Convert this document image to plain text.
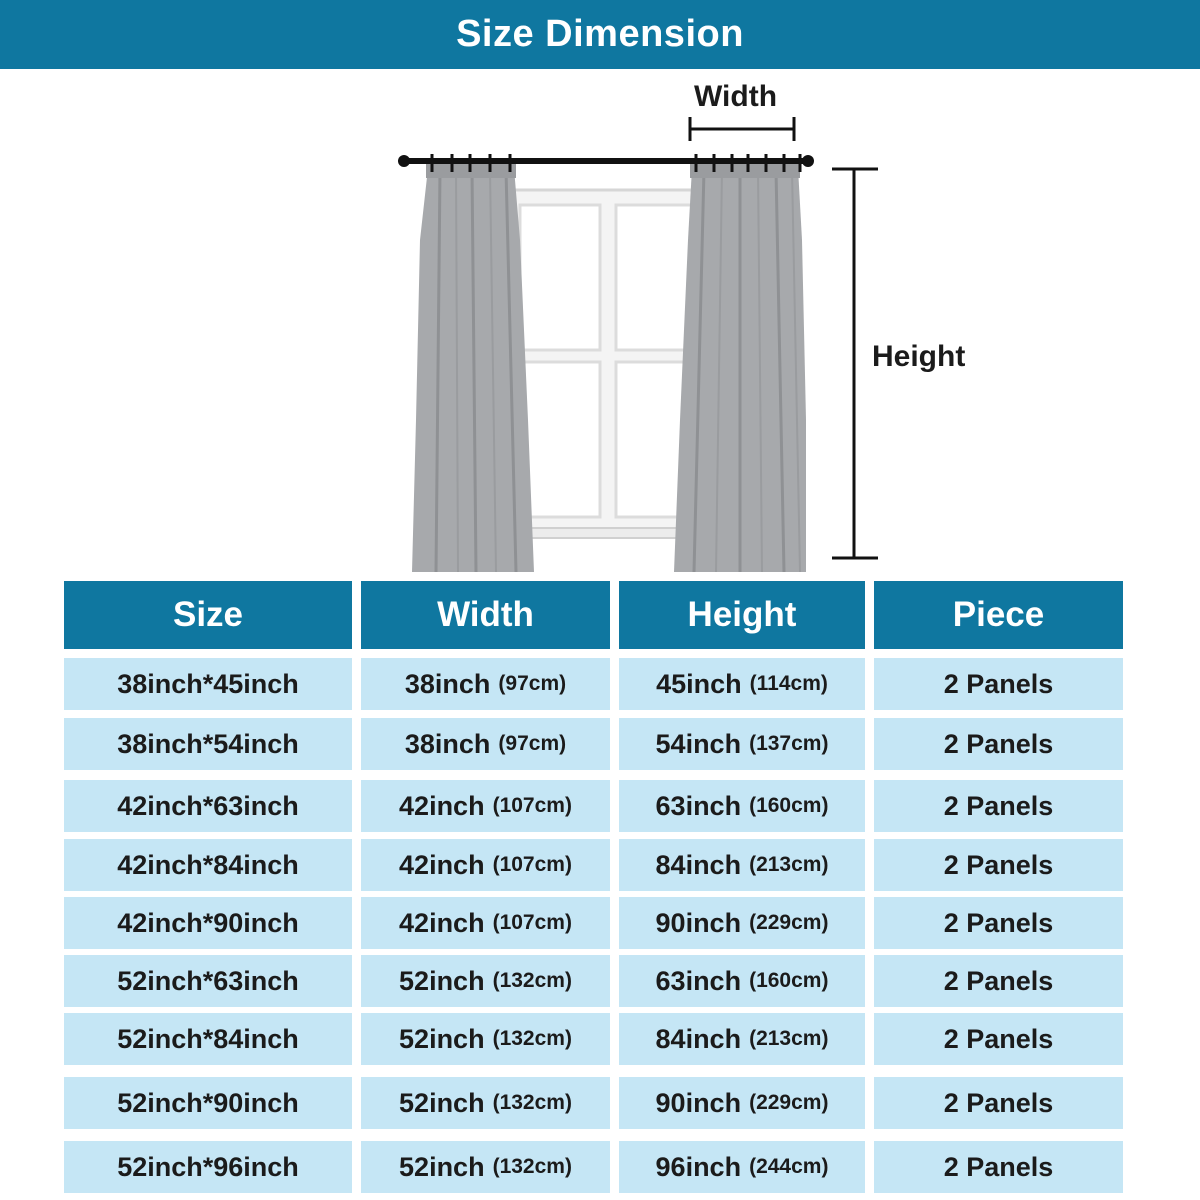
Size Dimension
Width
Height
Size	Width	Height	Piece
38inch*45inch	38inch (97cm)	45inch (114cm)	2 Panels
38inch*54inch	38inch (97cm)	54inch (137cm)	2 Panels
42inch*63inch	42inch (107cm)	63inch (160cm)	2 Panels
42inch*84inch	42inch (107cm)	84inch (213cm)	2 Panels
42inch*90inch	42inch (107cm)	90inch (229cm)	2 Panels
52inch*63inch	52inch (132cm)	63inch (160cm)	2 Panels
52inch*84inch	52inch (132cm)	84inch (213cm)	2 Panels
52inch*90inch	52inch (132cm)	90inch (229cm)	2 Panels
52inch*96inch	52inch (132cm)	96inch (244cm)	2 Panels
